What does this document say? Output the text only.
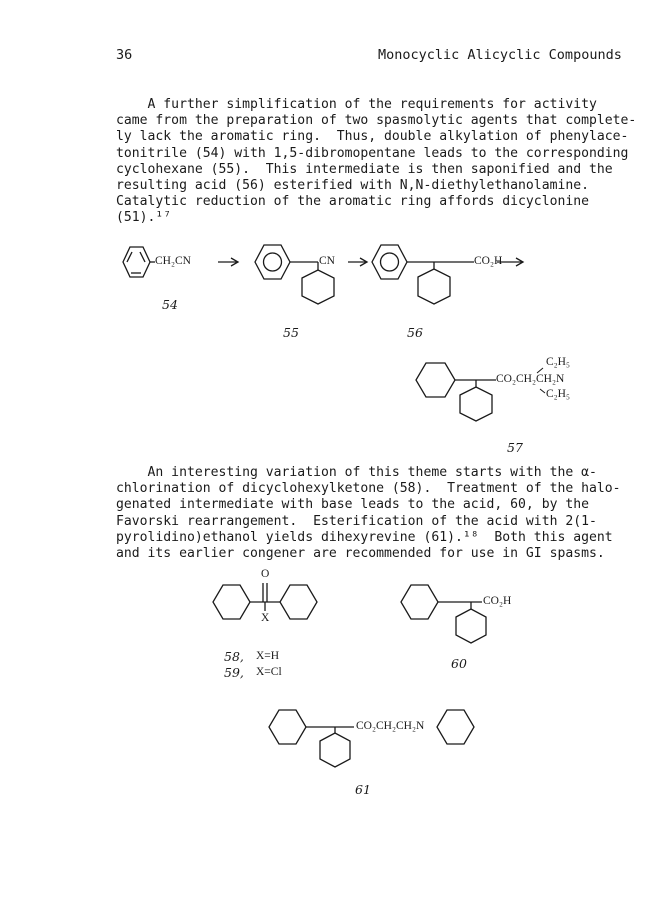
36	Monocyclic Alicyclic Compounds
A further simplification of the requirements for activity
came from the preparation of two spasmolytic agents that complete-
ly lack the aromatic ring.  Thus, double alkylation of phenylace-
tonitrile (54) with 1,5-dibromopentane leads to the corresponding
cyclohexane (55).  This intermediate is then saponified and the
resulting acid (56) esterified with N,N-diethylethanolamine.
Catalytic reduction of the aromatic ring affords dicyclonine
(51).¹⁷
CH₂CN	CN	CO₂H
54
55	56
CO₂CH₂CH₂N
C₂H₅
C₂H₅
57
An interesting variation of this theme starts with the α-
chlorination of dicyclohexylketone (58).  Treatment of the halo-
genated intermediate with base leads to the acid, 60, by the
Favorski rearrangement.  Esterification of the acid with 2(1-
pyrolidino)ethanol yields dihexyrevine (61).¹⁸  Both this agent
and its earlier congener are recommended for use in GI spasms.
O
X
CO₂H
58, X=H
59, X=Cl
60
CO₂CH₂CH₂N
61
